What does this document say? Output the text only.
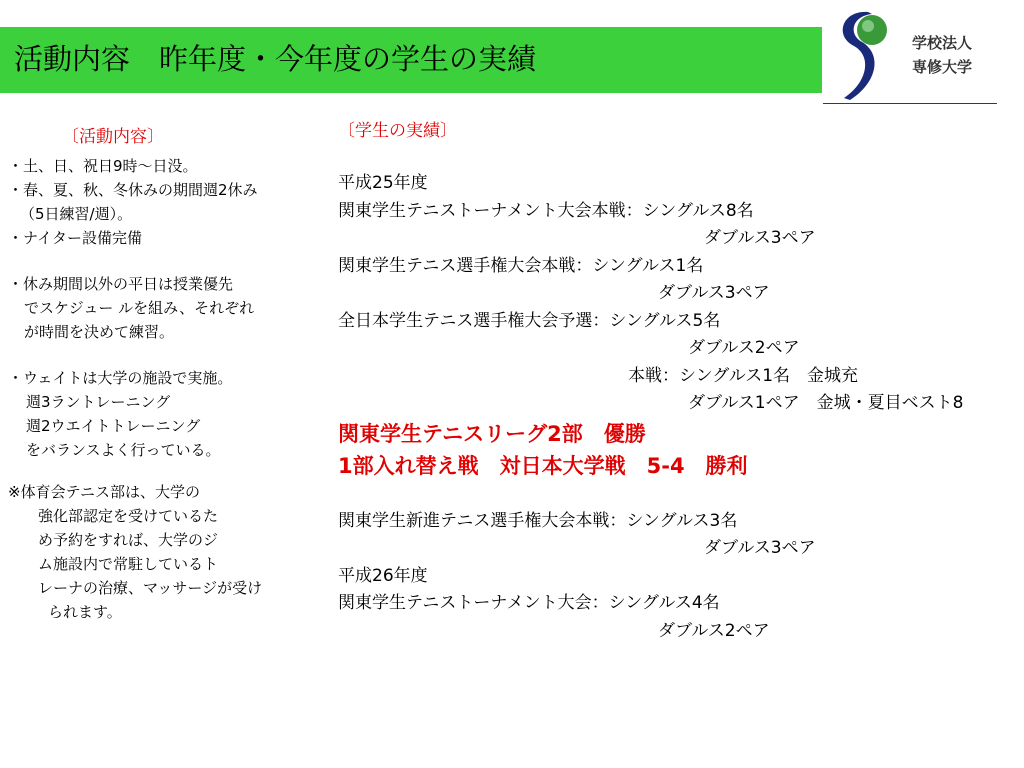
活動内容　昨年度・今年度の学生の実績	学校法人
専修大学
〔活動内容〕
・土、日、祝日9時～日没。
・春、夏、秋、冬休みの期間週2休み
（5日練習/週）。
・ナイター設備完備
・休み期間以外の平日は授業優先
でスケジュー ルを組み、それぞれ
が時間を決めて練習。
・ウェイトは大学の施設で実施。
週3ラントレーニング
週2ウエイトトレーニング
をバランスよく行っている。
※体育会テニス部は、大学の
強化部認定を受けているた
め予約をすれば、大学のジ
ム施設内で常駐しているト
レーナの治療、マッサージが受け
られます。
〔学生の実績〕
平成25年度
関東学生テニストーナメント大会本戦：シングルス8名
ダブルス3ペア
関東学生テニス選手権大会本戦：シングルス1名
ダブルス3ペア
全日本学生テニス選手権大会予選：シングルス5名
ダブルス2ペア
本戦：シングルス1名　金城充
ダブルス1ペア　金城・夏目ベスト8
関東学生テニスリーグ2部　優勝
1部入れ替え戦　対日本大学戦　5-4　勝利
関東学生新進テニス選手権大会本戦：シングルス3名
ダブルス3ペア
平成26年度
関東学生テニストーナメント大会：シングルス4名
ダブルス2ペア
